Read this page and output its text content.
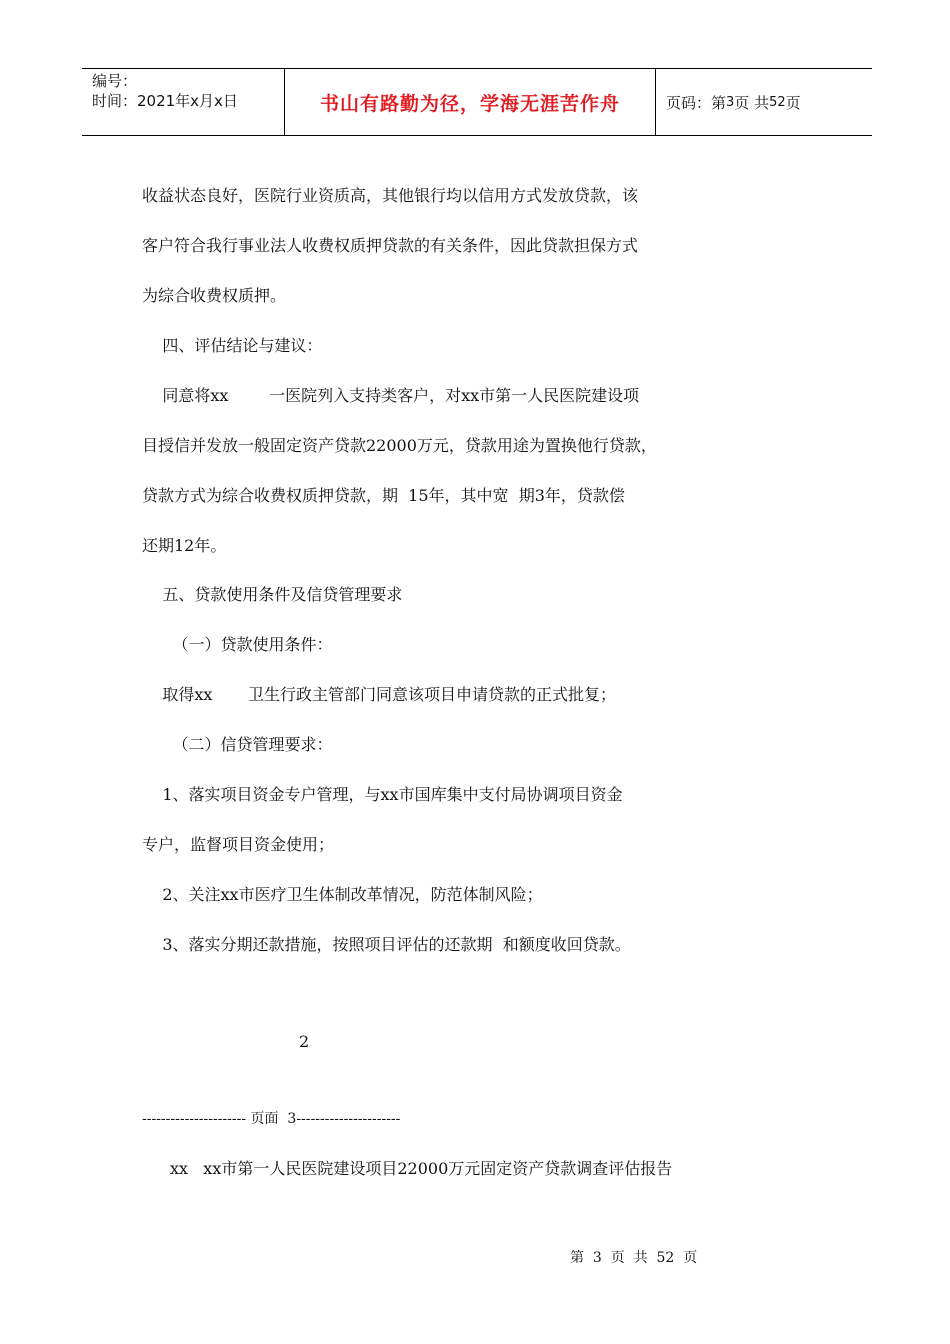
编号：
时间：2021年x月x日	书山有路勤为径，学海无涯苦作舟	页码：第 3 页 共 52 页
收益状态良好，医院行业资质高，其他银行均以信用方式发放贷款，该
客户符合我行事业法人收费权质押贷款的有关条件，因此贷款担保方式
为综合收费权质押。
四、评估结论与建议：
同意将xx        一医院列入支持类客户，对xx市第一人民医院建设项
目授信并发放一般固定资产贷款22000万元，贷款用途为置换他行贷款，
贷款方式为综合收费权质押贷款，期  15年，其中宽  期3年，贷款偿
还期12年。
五、贷款使用条件及信贷管理要求
（一）贷款使用条件：
取得xx       卫生行政主管部门同意该项目申请贷款的正式批复；
（二）信贷管理要求：
1、落实项目资金专户管理，与xx市国库集中支付局协调项目资金
专户，监督项目资金使用；
2、关注xx市医疗卫生体制改革情况，防范体制风险；
3、落实分期还款措施，按照项目评估的还款期  和额度收回贷款。
2
---------------------- 页面  3----------------------
xx   xx市第一人民医院建设项目22000万元固定资产贷款调查评估报告
第  3  页  共  52  页
